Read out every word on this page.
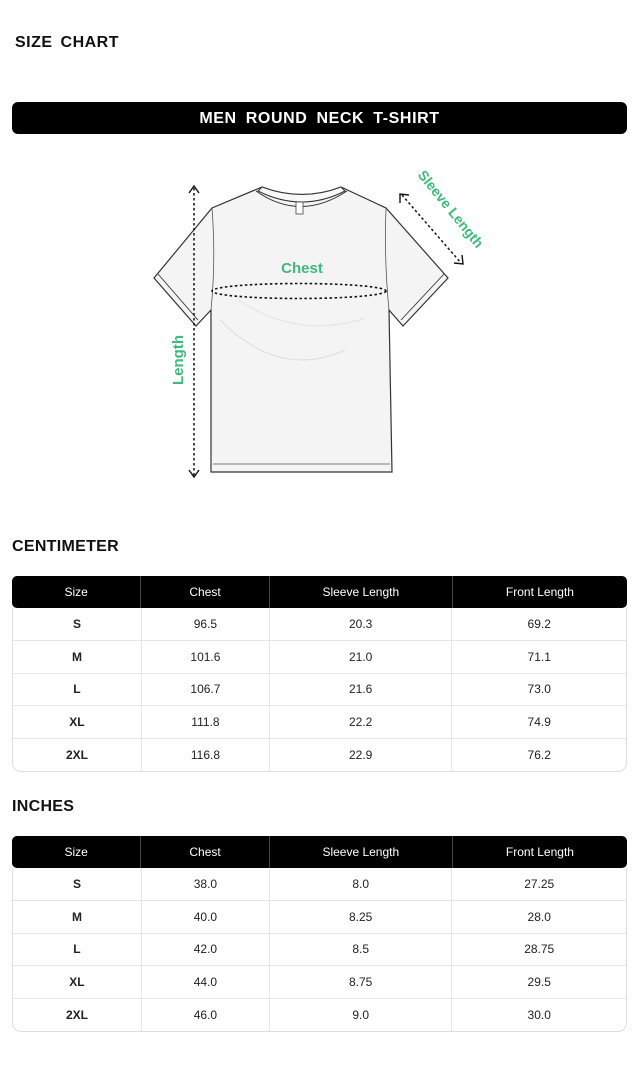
SIZE CHART
MEN ROUND NECK T-SHIRT
Chest
Length
Sleeve Length
CENTIMETER
Size	Chest	Sleeve Length	Front Length
S	96.5	20.3	69.2
M	101.6	21.0	71.1
L	106.7	21.6	73.0
XL	111.8	22.2	74.9
2XL	116.8	22.9	76.2
INCHES
Size	Chest	Sleeve Length	Front Length
S	38.0	8.0	27.25
M	40.0	8.25	28.0
L	42.0	8.5	28.75
XL	44.0	8.75	29.5
2XL	46.0	9.0	30.0
